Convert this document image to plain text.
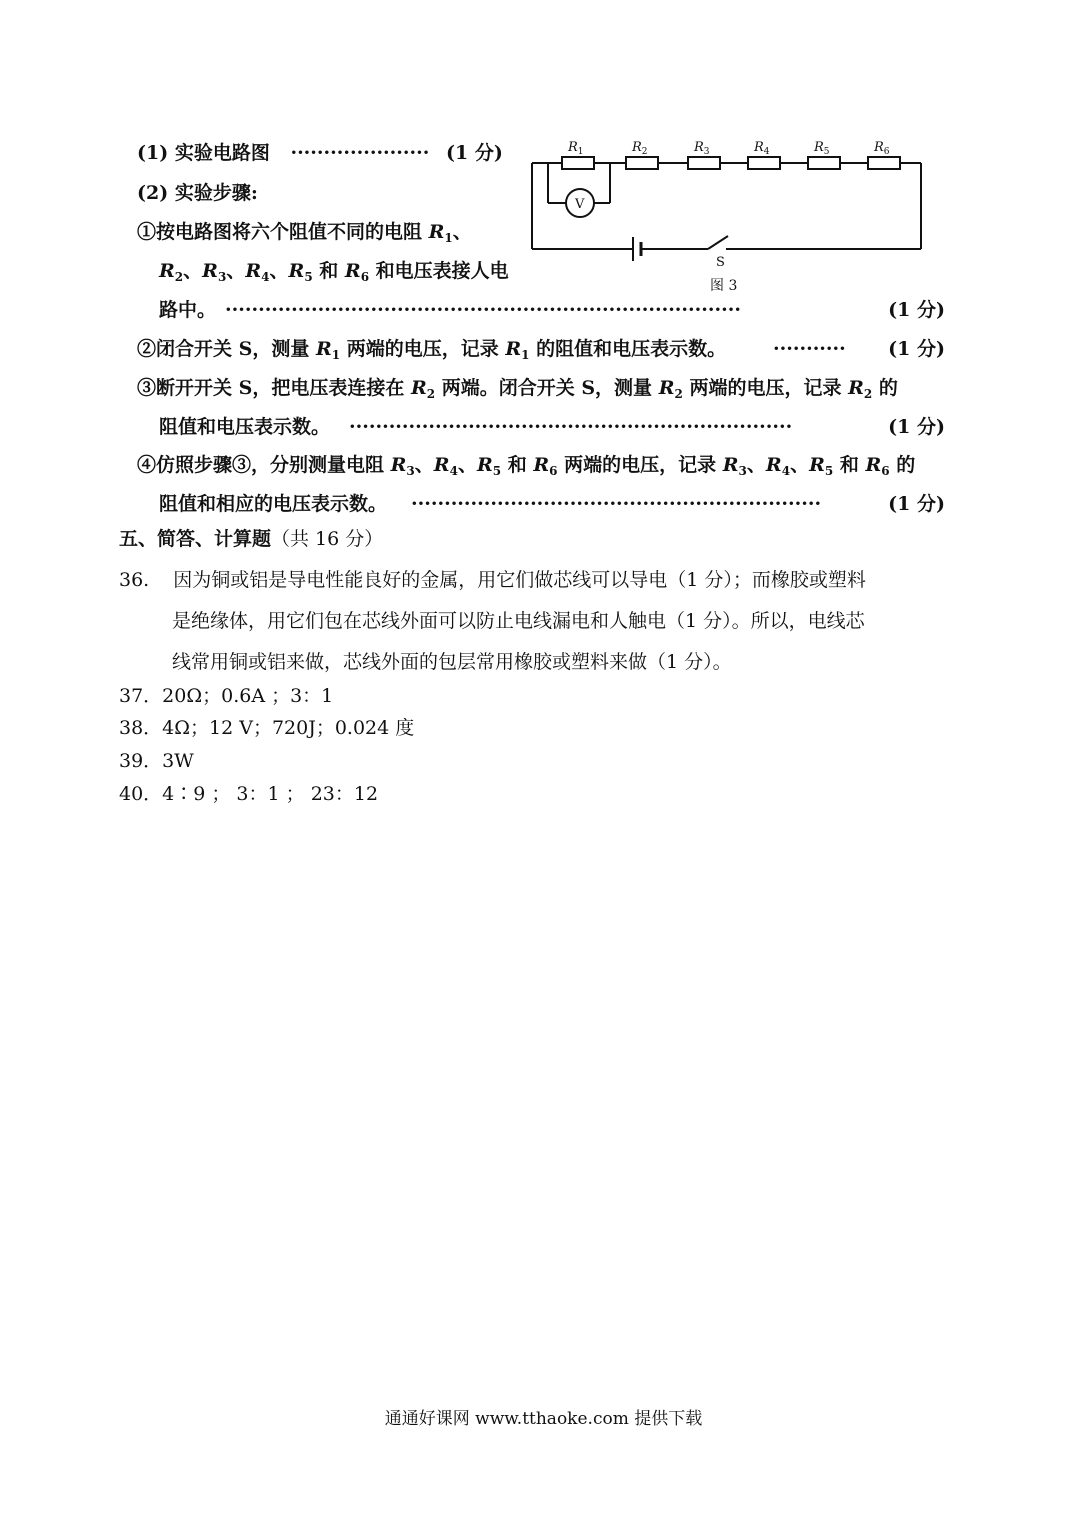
(1) 实验电路图 ····················· (1 分)
(2) 实验步骤:
①按电路图将六个阻值不同的电阻 $R_1$、
$R_2$、$R_3$、$R_4$、$R_5$ 和 $R_6$ 和电压表接人电
路中。 ··············································································	(1 分)
②闭合开关 S，测量 $R_1$ 两端的电压，记录 $R_1$ 的阻值和电压表示数。 ··········· (1 分)
③断开开关 S，把电压表连接在 $R_2$ 两端。闭合开关 S，测量 $R_2$ 两端的电压，记录 $R_2$ 的
阻值和电压表示数。 ···································································	(1 分)
④仿照步骤③，分别测量电阻 $R_3$、$R_4$、$R_5$ 和 $R_6$ 两端的电压，记录 $R_3$、$R_4$、$R_5$ 和 $R_6$ 的
阻值和相应的电压表示数。 ······························································	(1 分)
$R_1$	$R_2$	$R_3$	$R_4$	$R_5$	$R_6$
V
S
图 3
五、简答、计算题（共 16 分）
36. 因为铜或铝是导电性能良好的金属，用它们做芯线可以导电（1 分）；而橡胶或塑料
是绝缘体，用它们包在芯线外面可以防止电线漏电和人触电（1 分）。所以，电线芯
线常用铜或铝来做，芯线外面的包层常用橡胶或塑料来做（1 分）。
37．20Ω；0.6A ；3：1
38．4Ω；12 V；720J；0.024 度
39．3W
40．4∶9 ； 3：1 ； 23：12
通通好课网 www.tthaoke.com 提供下载
